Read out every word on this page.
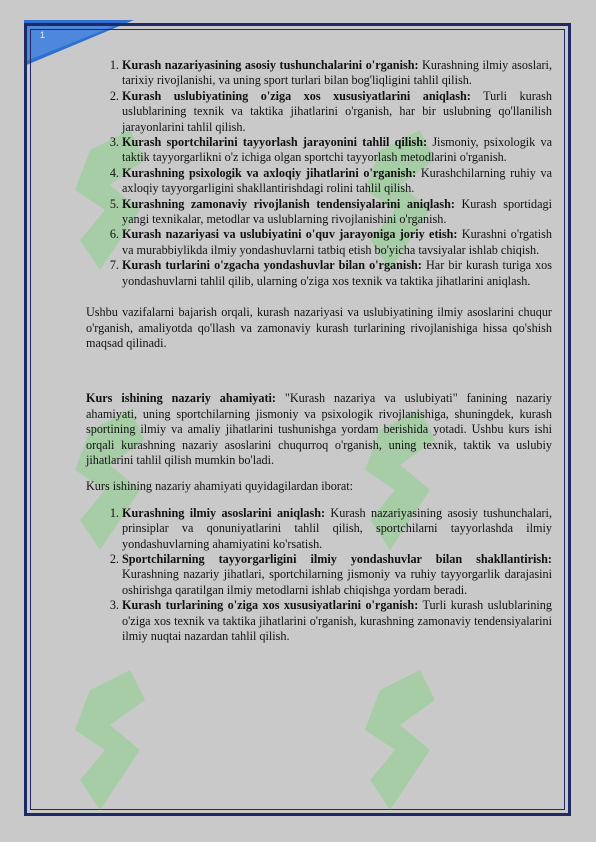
1
1. Kurash nazariyasining asosiy tushunchalarini o'rganish: Kurashning ilmiy asoslari, tarixiy rivojlanishi, va uning sport turlari bilan bog'liqligini tahlil qilish.
2. Kurash uslubiyatining o'ziga xos xususiyatlarini aniqlash: Turli kurash uslublarining texnik va taktika jihatlarini o'rganish, har bir uslubning qo'llanilish jarayonlarini tahlil qilish.
3. Kurash sportchilarini tayyorlash jarayonini tahlil qilish: Jismoniy, psixologik va taktik tayyorgarlikni o'z ichiga olgan sportchi tayyorlash metodlarini o'rganish.
4. Kurashning psixologik va axloqiy jihatlarini o'rganish: Kurashchilarning ruhiy va axloqiy tayyorgarligini shakllantirishdagi rolini tahlil qilish.
5. Kurashning zamonaviy rivojlanish tendensiyalarini aniqlash: Kurash sportidagi yangi texnikalar, metodlar va uslublarning rivojlanishini o'rganish.
6. Kurash nazariyasi va uslubiyatini o'quv jarayoniga joriy etish: Kurashni o'rgatish va murabbiylikda ilmiy yondashuvlarni tatbiq etish bo'yicha tavsiyalar ishlab chiqish.
7. Kurash turlarini o'zgacha yondashuvlar bilan o'rganish: Har bir kurash turiga xos yondashuvlarni tahlil qilib, ularning o'ziga xos texnik va taktika jihatlarini aniqlash.

Ushbu vazifalarni bajarish orqali, kurash nazariyasi va uslubiyatining ilmiy asoslarini chuqur o'rganish, amaliyotda qo'llash va zamonaviy kurash turlarining rivojlanishiga hissa qo'shish maqsad qilinadi.

Kurs ishining nazariy ahamiyati: "Kurash nazariya va uslubiyati" fanining nazariy ahamiyati, uning sportchilarning jismoniy va psixologik rivojlanishiga, shuningdek, kurash sportining ilmiy va amaliy jihatlarini tushunishga yordam berishida yotadi. Ushbu kurs ishi orqali kurashning nazariy asoslarini chuqurroq o'rganish, uning texnik, taktik va uslubiy jihatlarini tahlil qilish mumkin bo'ladi.

Kurs ishining nazariy ahamiyati quyidagilardan iborat:

1. Kurashning ilmiy asoslarini aniqlash: Kurash nazariyasining asosiy tushunchalari, prinsiplar va qonuniyatlarini tahlil qilish, sportchilarni tayyorlashda ilmiy yondashuvlarning ahamiyatini ko'rsatish.
2. Sportchilarning tayyorgarligini ilmiy yondashuvlar bilan shakllantirish: Kurashning nazariy jihatlari, sportchilarning jismoniy va ruhiy tayyorgarlik darajasini oshirishga qaratilgan ilmiy metodlarni ishlab chiqishga yordam beradi.
3. Kurash turlarining o'ziga xos xususiyatlarini o'rganish: Turli kurash uslublarining o'ziga xos texnik va taktika jihatlarini o'rganish, kurashning zamonaviy tendensiyalarini ilmiy nuqtai nazardan tahlil qilish.
